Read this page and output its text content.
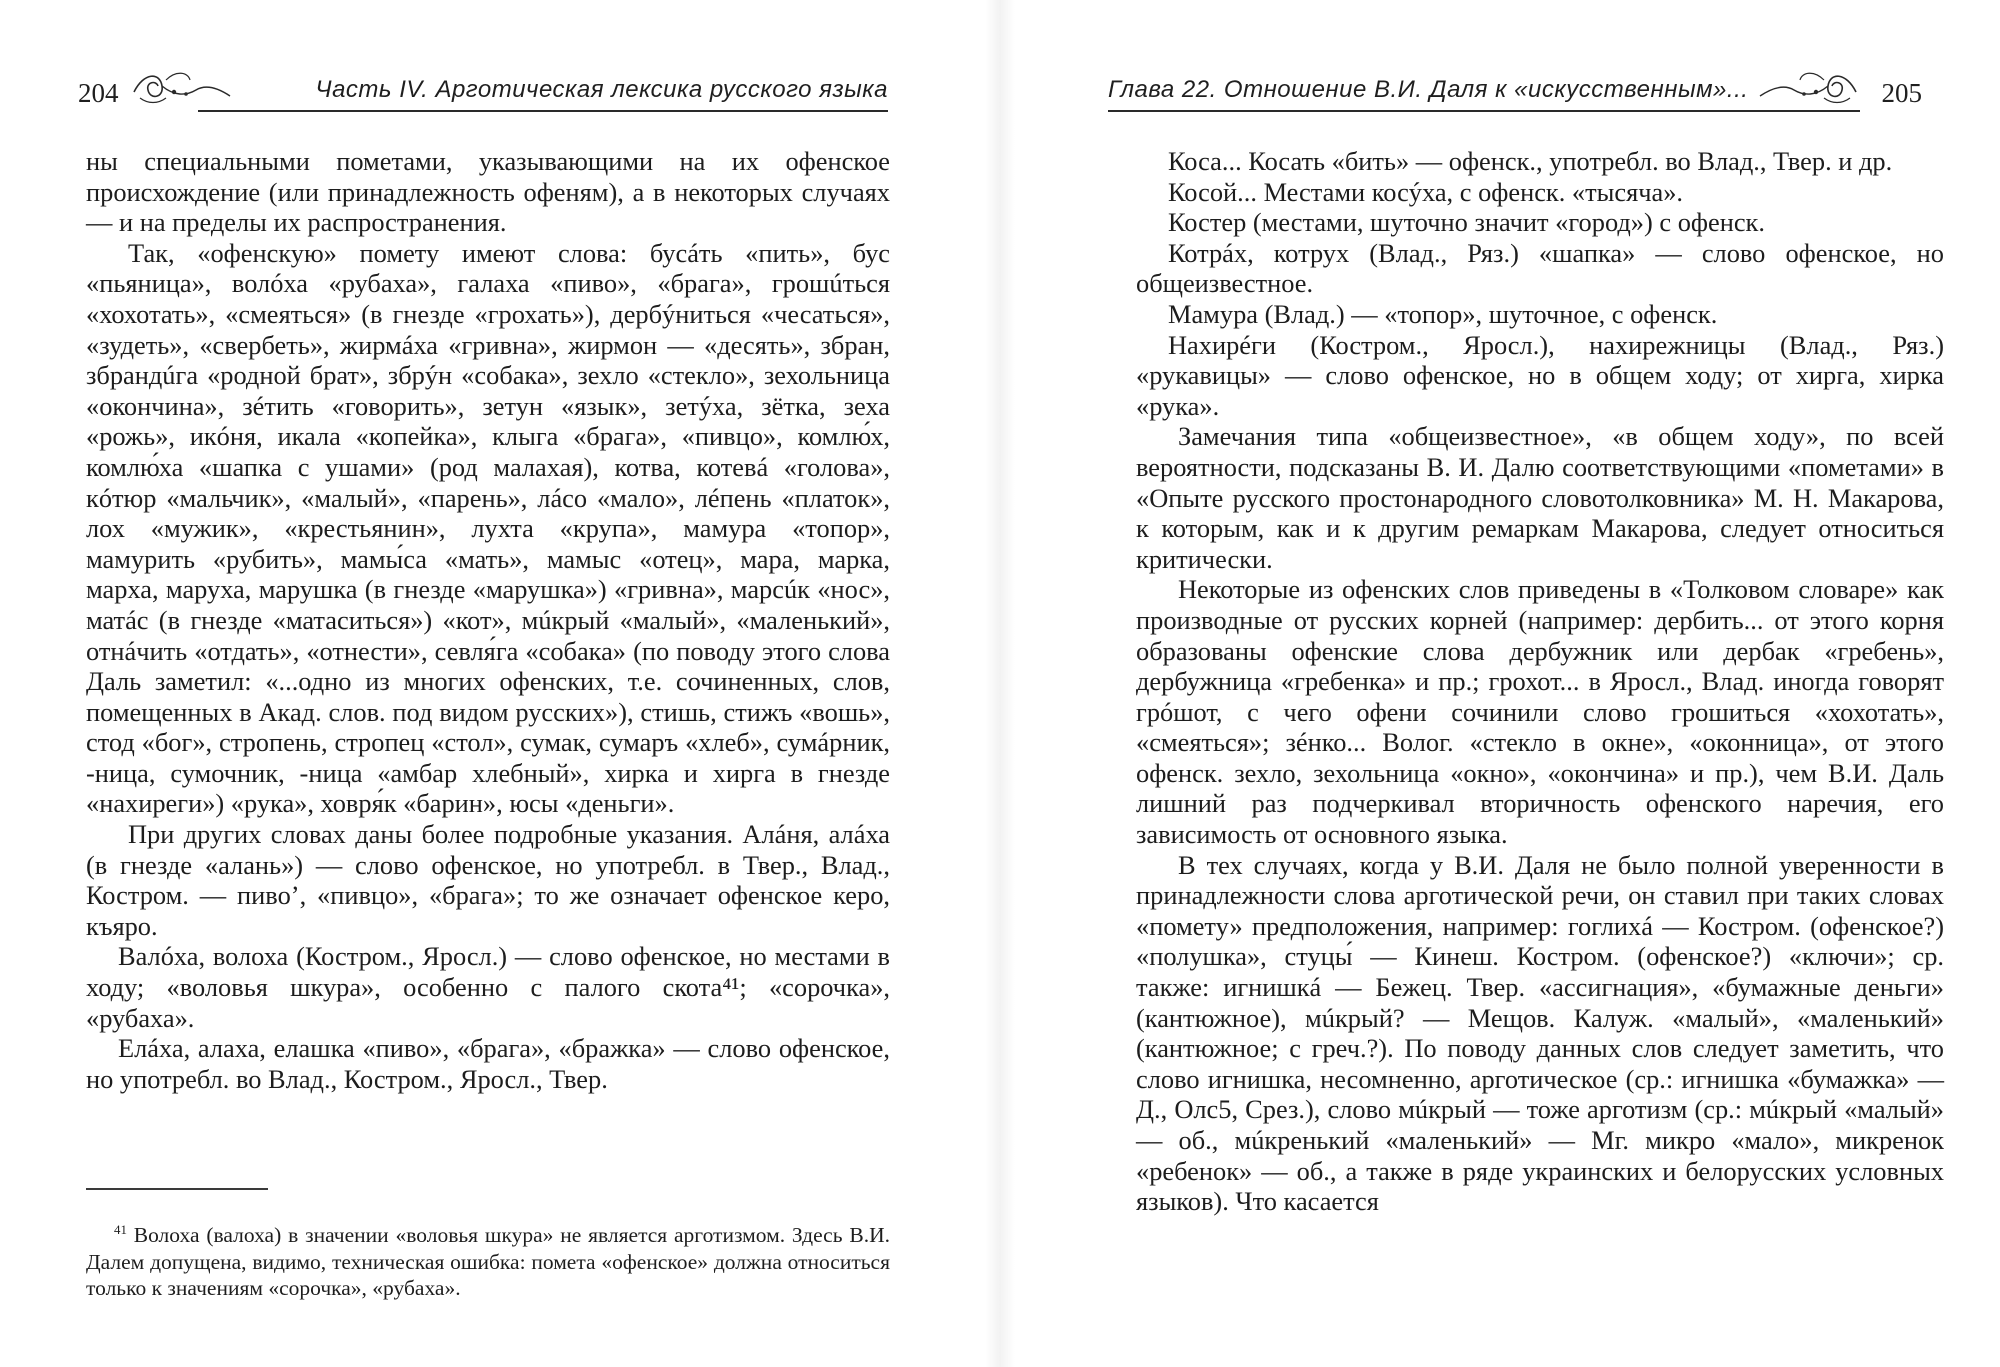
204	Часть IV. Арготическая лексика русского языка

ны специальными пометами, указывающими на их офенское происхождение (или принадлежность офеням), а в некоторых случаях — и на пределы их распространения.

Так, «офенскую» помету имеют слова: бусáть «пить», бус «пьяница», волóха «рубаха», галаха «пиво», «брага», грошúться «хохотать», «смеяться» (в гнезде «грохать»), дербýниться «чесаться», «зудеть», «свербеть», жирмáха «гривна», жирмон — «десять», збран, збрандúга «родной брат», збрýн «собака», зехло «стекло», зехольница «окончина», зéтить «говорить», зетун «язык», зетýха, зётка, зеха «рожь», икóня, икала «копейка», клыга «брага», «пивцо», комлю́х, комлю́ха «шапка с ушами» (род малахая), котва, котевá «голова», кóтюр «мальчик», «малый», «парень», лáсо «мало», лéпень «платок», лох «мужик», «крестьянин», лухта «крупа», мамура «топор», мамурить «рубить», мамы́са «мать», мамыс «отец», мара, марка, марха, маруха, марушка (в гнезде «марушка») «гривна», марсúк «нос», матáс (в гнезде «матаситься») «кот», мúкрый «малый», «маленький», отнáчить «отдать», «отнести», севля́га «собака» (по поводу этого слова Даль заметил: «...одно из многих офенских, т.е. сочиненных, слов, помещенных в Акад. слов. под видом русских»), стишь, стижъ «вошь», стод «бог», стропень, стропец «стол», сумак, сумаръ «хлеб», сумáрник, -ница, сумочник, -ница «амбар хлебный», хирка и хирга в гнезде «нахиреги») «рука», ховря́к «барин», юсы «деньги».

При других словах даны более подробные указания. Алáня, алáха (в гнезде «алань») — слово офенское, но употребл. в Твер., Влад., Костром. — пиво’, «пивцо», «брага»; то же означает офенское керо, къяро.

Валóха, волоха (Костром., Яросл.) — слово офенское, но местами в ходу; «воловья шкура», особенно с палого скота⁴¹; «сорочка», «рубаха».

Елáха, алаха, елашка «пиво», «брага», «бражка» — слово офенское, но употребл. во Влад., Костром., Яросл., Твер.

$^{41}$ Волоха (валоха) в значении «воловья шкура» не является арготизмом. Здесь В.И. Далем допущена, видимо, техническая ошибка: помета «офенское» должна относиться только к значениям «сорочка», «рубаха».

Глава 22. Отношение В.И. Даля к «искусственным»...	205

Коса... Косать «бить» — офенск., употребл. во Влад., Твер. и др.

Косой... Местами косýха, с офенск. «тысяча».

Костер (местами, шуточно значит «город») с офенск.

Котрáх, котрух (Влад., Ряз.) «шапка» — слово офенское, но общеизвестное.

Мамура (Влад.) — «топор», шуточное, с офенск.

Нахирéги (Костром., Яросл.), нахирежницы (Влад., Ряз.) «рукавицы» — слово офенское, но в общем ходу; от хирга, хирка «рука».

Замечания типа «общеизвестное», «в общем ходу», по всей вероятности, подсказаны В. И. Далю соответствующими «пометами» в «Опыте русского простонародного словотолковника» М. Н. Макарова, к которым, как и к другим ремаркам Макарова, следует относиться критически.

Некоторые из офенских слов приведены в «Толковом словаре» как производные от русских корней (например: дербить... от этого корня образованы офенские слова дербужник или дербак «гребень», дербужница «гребенка» и пр.; грохот... в Яросл., Влад. иногда говорят грóшот, с чего офени сочинили слово грошиться «хохотать», «смеяться»; зéнко... Волог. «стекло в окне», «оконница», от этого офенск. зехло, зехольница «окно», «окончина» и пр.), чем В.И. Даль лишний раз подчеркивал вторичность офенского наречия, его зависимость от основного языка.

В тех случаях, когда у В.И. Даля не было полной уверенности в принадлежности слова арготической речи, он ставил при таких словах «помету» предположения, например: гоглихá — Костром. (офенское?) «полушка», стуцы́ — Кинеш. Костром. (офенское?) «ключи»; ср. также: игнишкá — Бежец. Твер. «ассигнация», «бумажные деньги» (кантюжное), мúкрый? — Мещов. Калуж. «малый», «маленький» (кантюжное; с греч.?). По поводу данных слов следует заметить, что слово игнишка, несомненно, арготическое (ср.: игнишка «бумажка» —Д., Олс5, Срез.), слово мúкрый — тоже арготизм (ср.: мúкрый «малый» — об., мúкренький «маленький» — Мг. микро «мало», микренок «ребенок» — об., а также в ряде украинских и белорусских условных языков). Что касается
